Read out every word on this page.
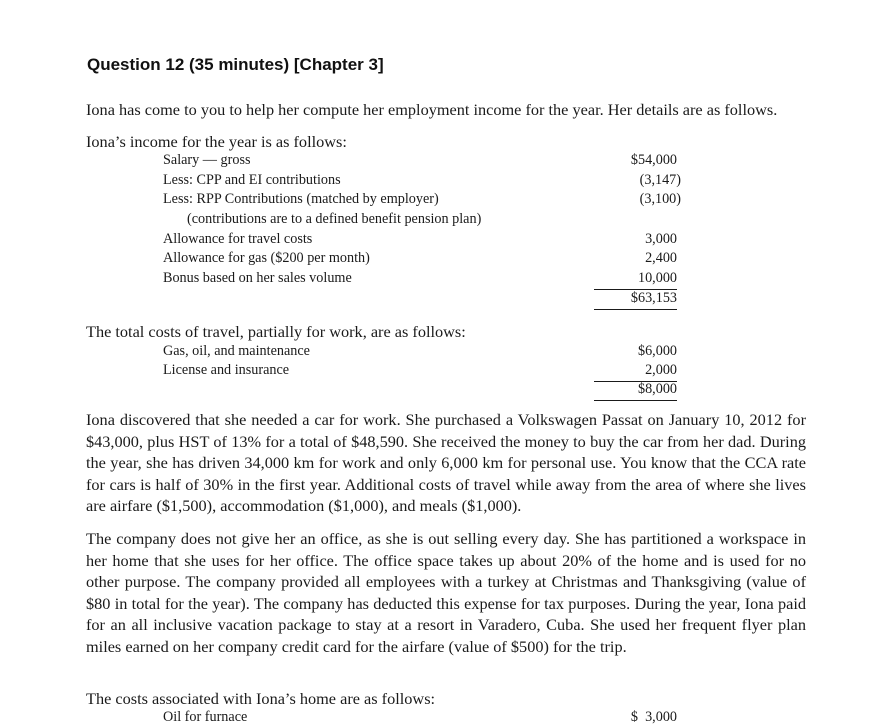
Question 12 (35 minutes) [Chapter 3]

Iona has come to you to help her compute her employment income for the year. Her details are as follows.

Iona’s income for the year is as follows:

Salary — gross	$54,000
Less: CPP and EI contributions	(3,147)
Less: RPP Contributions (matched by employer)	(3,100)
(contributions are to a defined benefit pension plan)
Allowance for travel costs	3,000
Allowance for gas ($200 per month)	2,400
Bonus based on her sales volume	10,000
$63,153

The total costs of travel, partially for work, are as follows:

Gas, oil, and maintenance	$6,000
License and insurance	2,000
$8,000

Iona discovered that she needed a car for work. She purchased a Volkswagen Passat on January 10, 2012 for $43,000, plus HST of 13% for a total of $48,590. She received the money to buy the car from her dad. During the year, she has driven 34,000 km for work and only 6,000 km for personal use. You know that the CCA rate for cars is half of 30% in the first year. Additional costs of travel while away from the area of where she lives are airfare ($1,500), accommodation ($1,000), and meals ($1,000).

The company does not give her an office, as she is out selling every day. She has partitioned a workspace in her home that she uses for her office. The office space takes up about 20% of the home and is used for no other purpose. The company provided all employees with a turkey at Christmas and Thanksgiving (value of $80 in total for the year). The company has deducted this expense for tax purposes. During the year, Iona paid for an all inclusive vacation package to stay at a resort in Varadero, Cuba. She used her frequent flyer plan miles earned on her company credit card for the airfare (value of $500) for the trip.

The costs associated with Iona’s home are as follows:

Oil for furnace	$  3,000
